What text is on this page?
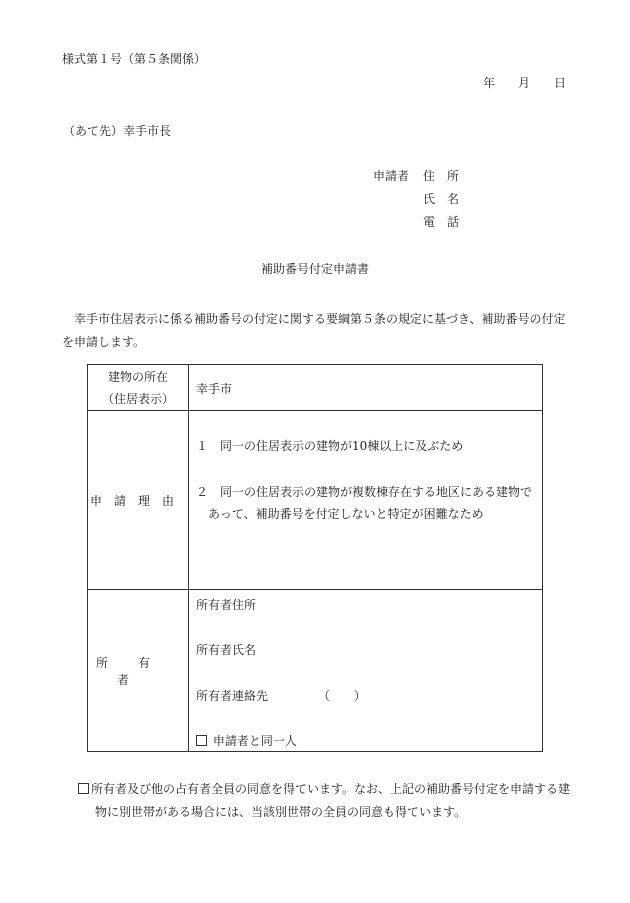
様式第１号（第５条関係）
年 月 日
（あて先）幸手市長
申請者 住　所
氏　名
電　話
補助番号付定申請書
幸手市住居表示に係る補助番号の付定に関する要綱第５条の規定に基づき、補助番号の付定を申請します。
建物の所在
（住居表示）	幸手市

申請理由	１　同一の住居表示の建物が10棟以上に及ぶため

２　同一の住居表示の建物が複数棟存在する地区にある建物で

あって、補助番号を付定しないと特定が困難なため

所有者	所有者住所
所有者氏名
所有者連絡先 （　　）
申請者と同一人
所有者及び他の占有者全員の同意を得ています。なお、上記の補助番号付定を申請する建
物に別世帯がある場合には、当該別世帯の全員の同意も得ています。
